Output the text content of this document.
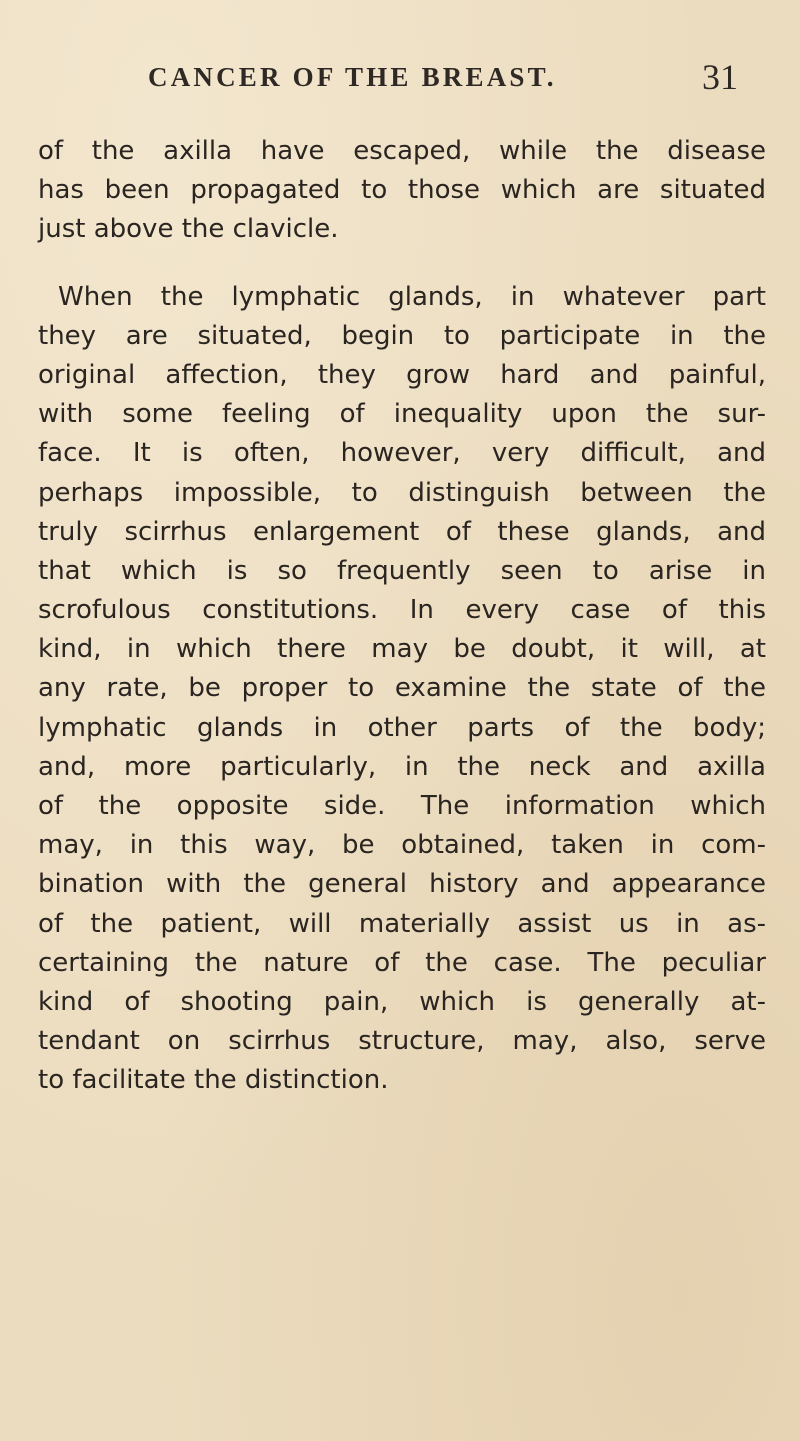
CANCER OF THE BREAST.	31
of the axilla have escaped, while the disease
has been propagated to those which are situated
just above the clavicle.
When the lymphatic glands, in whatever part
they are situated, begin to participate in the
original affection, they grow hard and painful,
with some feeling of inequality upon the sur-
face. It is often, however, very difficult, and
perhaps impossible, to distinguish between the
truly scirrhus enlargement of these glands, and
that which is so frequently seen to arise in
scrofulous constitutions. In every case of this
kind, in which there may be doubt, it will, at
any rate, be proper to examine the state of the
lymphatic glands in other parts of the body;
and, more particularly, in the neck and axilla
of the opposite side. The information which
may, in this way, be obtained, taken in com-
bination with the general history and appearance
of the patient, will materially assist us in as-
certaining the nature of the case. The peculiar
kind of shooting pain, which is generally at-
tendant on scirrhus structure, may, also, serve
to facilitate the distinction.
